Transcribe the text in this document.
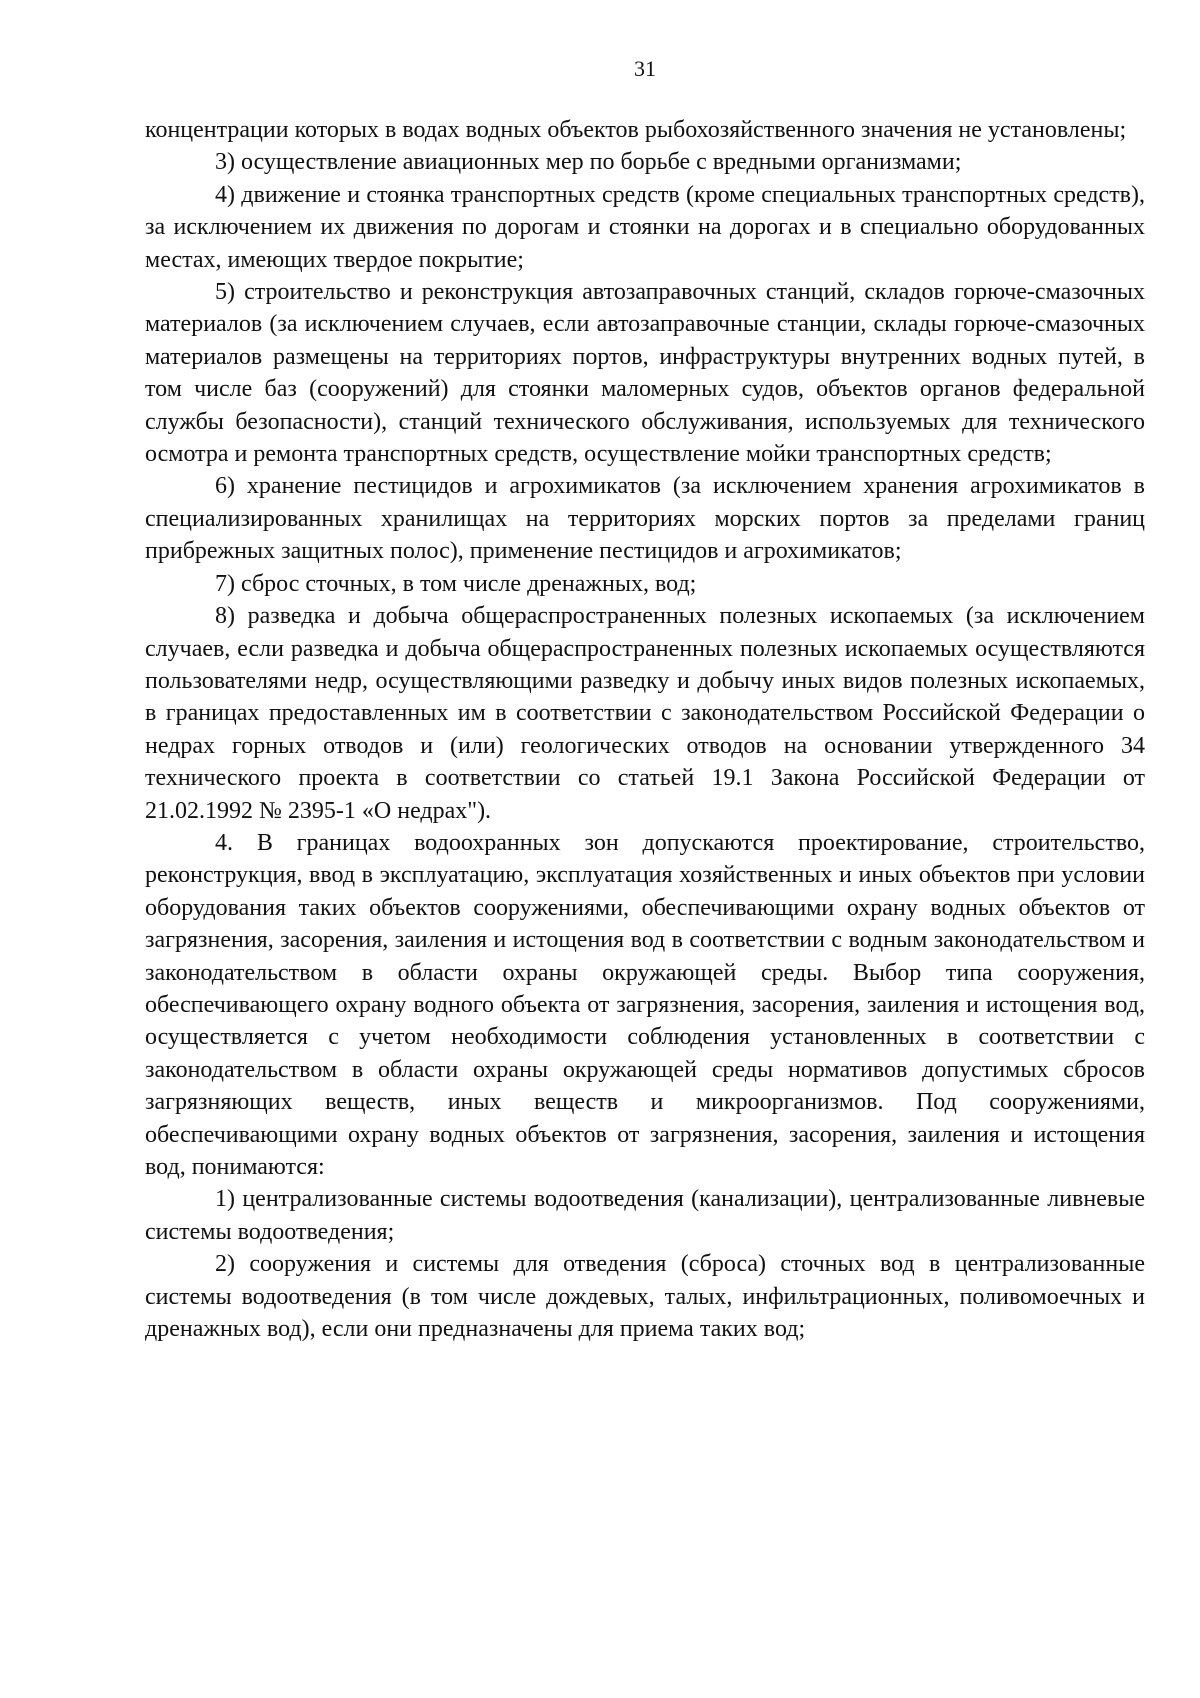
31

концентрации которых в водах водных объектов рыбохозяйственного значения не установлены;

3) осуществление авиационных мер по борьбе с вредными организмами;

4) движение и стоянка транспортных средств (кроме специальных транспортных средств), за исключением их движения по дорогам и стоянки на дорогах и в специально оборудованных местах, имеющих твердое покрытие;

5) строительство и реконструкция автозаправочных станций, складов горюче-смазочных материалов (за исключением случаев, если автозаправочные станции, склады горюче-смазочных материалов размещены на территориях портов, инфраструктуры внутренних водных путей, в том числе баз (сооружений) для стоянки маломерных судов, объектов органов федеральной службы безопасности), станций технического обслуживания, используемых для технического осмотра и ремонта транспортных средств, осуществление мойки транспортных средств;

6) хранение пестицидов и агрохимикатов (за исключением хранения агрохимикатов в специализированных хранилищах на территориях морских портов за пределами границ прибрежных защитных полос), применение пестицидов и агрохимикатов;

7) сброс сточных, в том числе дренажных, вод;

8) разведка и добыча общераспространенных полезных ископаемых (за исключением случаев, если разведка и добыча общераспространенных полезных ископаемых осуществляются пользователями недр, осуществляющими разведку и добычу иных видов полезных ископаемых, в границах предоставленных им в соответствии с законодательством Российской Федерации о недрах горных отводов и (или) геологических отводов на основании утвержденного 34 технического проекта в соответствии со статьей 19.1 Закона Российской Федерации от 21.02.1992 № 2395-1 «О недрах").

4. В границах водоохранных зон допускаются проектирование, строительство, реконструкция, ввод в эксплуатацию, эксплуатация хозяйственных и иных объектов при условии оборудования таких объектов сооружениями, обеспечивающими охрану водных объектов от загрязнения, засорения, заиления и истощения вод в соответствии с водным законодательством и законодательством в области охраны окружающей среды. Выбор типа сооружения, обеспечивающего охрану водного объекта от загрязнения, засорения, заиления и истощения вод, осуществляется с учетом необходимости соблюдения установленных в соответствии с законодательством в области охраны окружающей среды нормативов допустимых сбросов загрязняющих веществ, иных веществ и микроорганизмов. Под сооружениями, обеспечивающими охрану водных объектов от загрязнения, засорения, заиления и истощения вод, понимаются:

1) централизованные системы водоотведения (канализации), централизованные ливневые системы водоотведения;

2) сооружения и системы для отведения (сброса) сточных вод в централизованные системы водоотведения (в том числе дождевых, талых, инфильтрационных, поливомоечных и дренажных вод), если они предназначены для приема таких вод;
